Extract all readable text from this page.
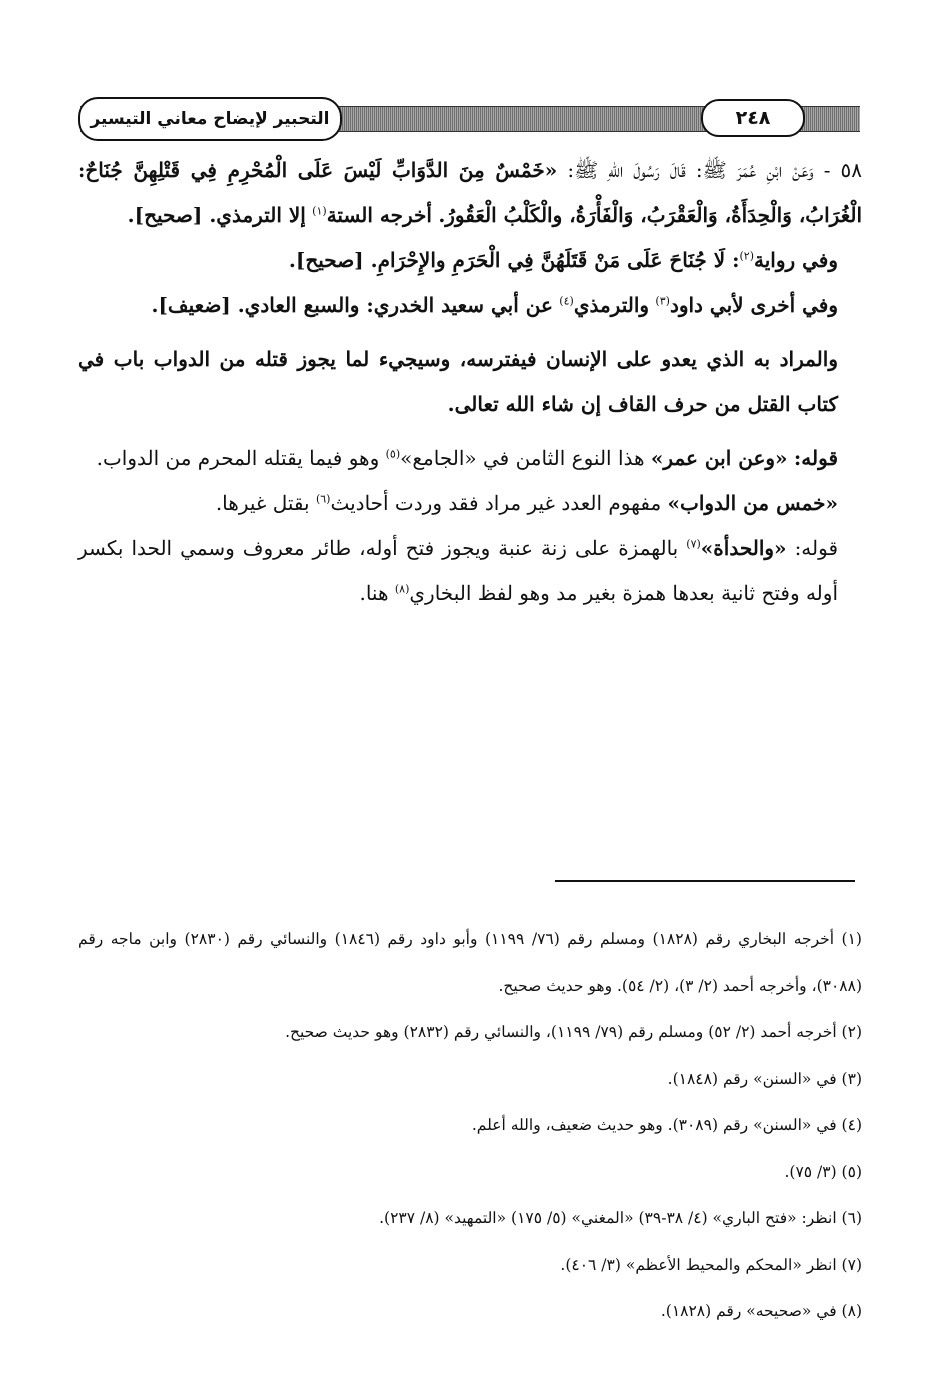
التحبير لإيضاح معاني التيسير	٢٤٨

٥٨ - وَعَنْ ابْنِ عُمَرَ ﷺ: قَالَ رَسُولَ اللهِ ﷺ: «خَمْسٌ مِنَ الدَّوَابِّ لَيْسَ عَلَى الْمُحْرِمِ فِي قَتْلِهِنَّ جُنَاحٌ: الْغُرَابُ، وَالْحِدَأَةُ، وَالْعَقْرَبُ، وَالْفَأْرَةُ، والْكَلْبُ الْعَقُورُ. أخرجه الستة$^{(١)}$ إلا الترمذي. [صحيح].

وفي رواية$^{(٢)}$: لَا جُنَاحَ عَلَى مَنْ قَتَلَهُنَّ فِي الْحَرَمِ والإِحْرَامِ. [صحيح].

وفي أخرى لأبي داود$^{(٣)}$ والترمذي$^{(٤)}$ عن أبي سعيد الخدري: والسبع العادي. [ضعيف].

والمراد به الذي يعدو على الإنسان فيفترسه، وسيجيء لما يجوز قتله من الدواب باب في كتاب القتل من حرف القاف إن شاء الله تعالى.

قوله: «وعن ابن عمر» هذا النوع الثامن في «الجامع»$^{(٥)}$ وهو فيما يقتله المحرم من الدواب.

«خمس من الدواب» مفهوم العدد غير مراد فقد وردت أحاديث$^{(٦)}$ بقتل غيرها.

قوله: «والحدأة»$^{(٧)}$ بالهمزة على زنة عنبة ويجوز فتح أوله، طائر معروف وسمي الحدا بكسر أوله وفتح ثانية بعدها همزة بغير مد وهو لفظ البخاري$^{(٨)}$ هنا.

(١) أخرجه البخاري رقم (١٨٢٨) ومسلم رقم (٧٦/ ١١٩٩) وأبو داود رقم (١٨٤٦) والنسائي رقم (٢٨٣٠) وابن ماجه رقم (٣٠٨٨)، وأخرجه أحمد (٢/ ٣)، (٢/ ٥٤). وهو حديث صحيح.

(٢) أخرجه أحمد (٢/ ٥٢) ومسلم رقم (٧٩/ ١١٩٩)، والنسائي رقم (٢٨٣٢) وهو حديث صحيح.

(٣) في «السنن» رقم (١٨٤٨).

(٤) في «السنن» رقم (٣٠٨٩). وهو حديث ضعيف، والله أعلم.

(٥) (٣/ ٧٥).

(٦) انظر: «فتح الباري» (٤/ ٣٨-٣٩) «المغني» (٥/ ١٧٥) «التمهيد» (٨/ ٢٣٧).

(٧) انظر «المحكم والمحيط الأعظم» (٣/ ٤٠٦).

(٨) في «صحيحه» رقم (١٨٢٨).
